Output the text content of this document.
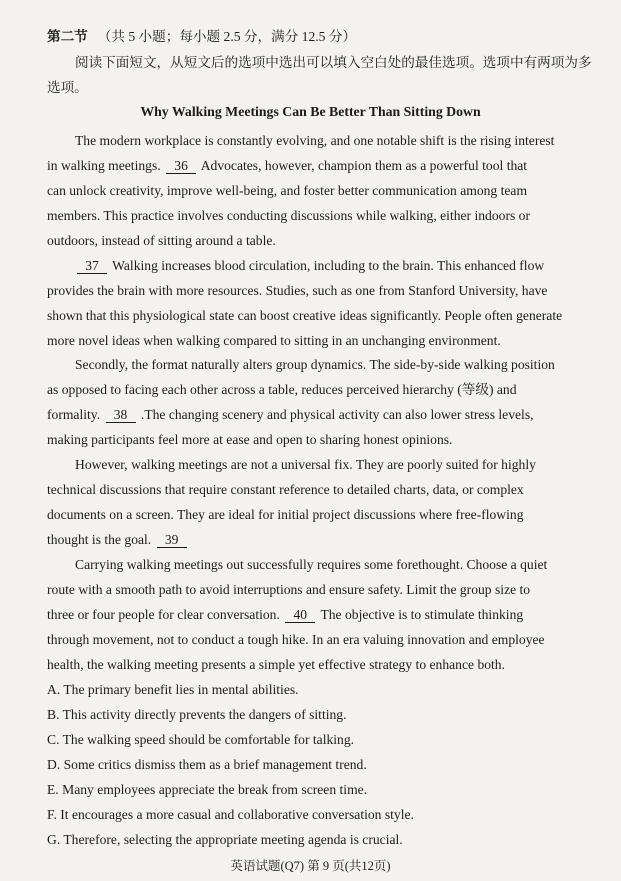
第二节 （共 5 小题；每小题 2.5 分，满分 12.5 分）
阅读下面短文，从短文后的选项中选出可以填入空白处的最佳选项。选项中有两项为多
选项。
Why Walking Meetings Can Be Better Than Sitting Down
The modern workplace is constantly evolving, and one notable shift is the rising interest
in walking meetings. 36 Advocates, however, champion them as a powerful tool that
can unlock creativity, improve well-being, and foster better communication among team
members. This practice involves conducting discussions while walking, either indoors or
outdoors, instead of sitting around a table.
37 Walking increases blood circulation, including to the brain. This enhanced flow
provides the brain with more resources. Studies, such as one from Stanford University, have
shown that this physiological state can boost creative ideas significantly. People often generate
more novel ideas when walking compared to sitting in an unchanging environment.
Secondly, the format naturally alters group dynamics. The side-by-side walking position
as opposed to facing each other across a table, reduces perceived hierarchy (等级) and
formality. 38 .The changing scenery and physical activity can also lower stress levels,
making participants feel more at ease and open to sharing honest opinions.
However, walking meetings are not a universal fix. They are poorly suited for highly
technical discussions that require constant reference to detailed charts, data, or complex
documents on a screen. They are ideal for initial project discussions where free-flowing
thought is the goal. 39
Carrying walking meetings out successfully requires some forethought. Choose a quiet
route with a smooth path to avoid interruptions and ensure safety. Limit the group size to
three or four people for clear conversation. 40 The objective is to stimulate thinking
through movement, not to conduct a tough hike. In an era valuing innovation and employee
health, the walking meeting presents a simple yet effective strategy to enhance both.
A. The primary benefit lies in mental abilities.
B. This activity directly prevents the dangers of sitting.
C. The walking speed should be comfortable for talking.
D. Some critics dismiss them as a brief management trend.
E. Many employees appreciate the break from screen time.
F. It encourages a more casual and collaborative conversation style.
G. Therefore, selecting the appropriate meeting agenda is crucial.
英语试题(Q7) 第 9 页(共12页)
